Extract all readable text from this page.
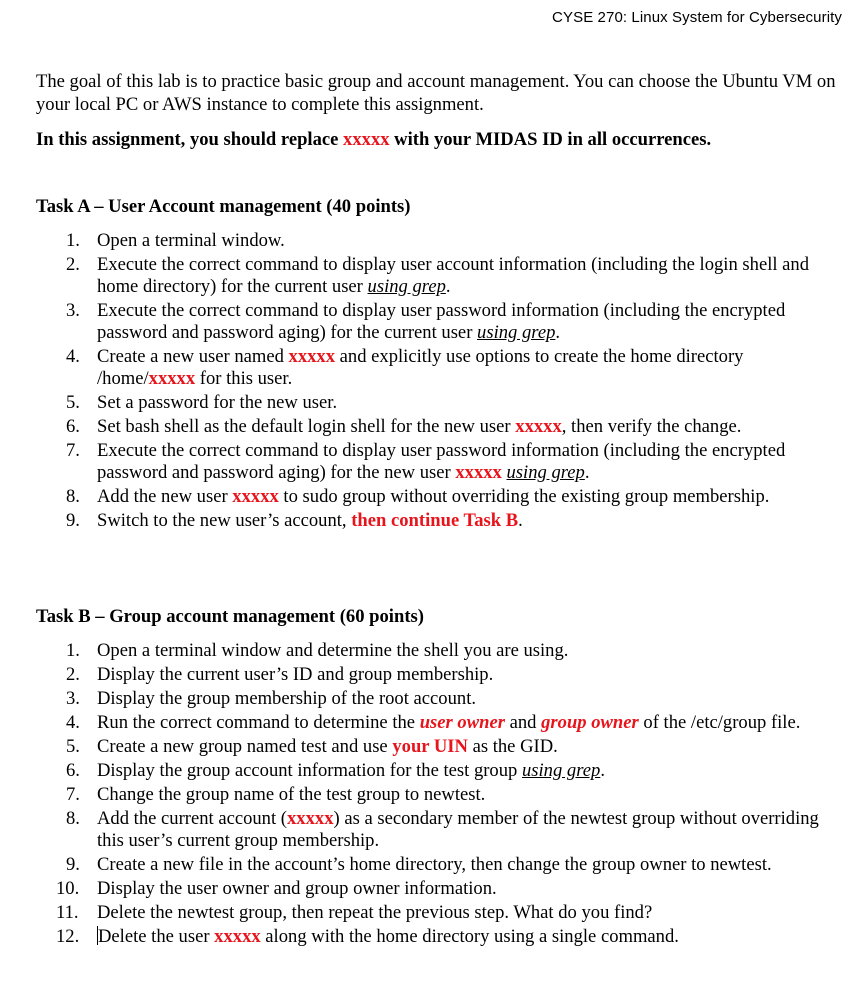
CYSE 270: Linux System for Cybersecurity

The goal of this lab is to practice basic group and account management. You can choose the Ubuntu VM on your local PC or AWS instance to complete this assignment.

In this assignment, you should replace xxxxx with your MIDAS ID in all occurrences.

Task A – User Account management (40 points)
1. Open a terminal window.
2. Execute the correct command to display user account information (including the login shell and home directory) for the current user using grep.
3. Execute the correct command to display user password information (including the encrypted password and password aging) for the current user using grep.
4. Create a new user named xxxxx and explicitly use options to create the home directory /home/xxxxx for this user.
5. Set a password for the new user.
6. Set bash shell as the default login shell for the new user xxxxx, then verify the change.
7. Execute the correct command to display user password information (including the encrypted password and password aging) for the new user xxxxx using grep.
8. Add the new user xxxxx to sudo group without overriding the existing group membership.
9. Switch to the new user’s account, then continue Task B.
Task B – Group account management (60 points)
1. Open a terminal window and determine the shell you are using.
2. Display the current user’s ID and group membership.
3. Display the group membership of the root account.
4. Run the correct command to determine the user owner and group owner of the /etc/group file.
5. Create a new group named test and use your UIN as the GID.
6. Display the group account information for the test group using grep.
7. Change the group name of the test group to newtest.
8. Add the current account (xxxxx) as a secondary member of the newtest group without overriding this user’s current group membership.
9. Create a new file in the account’s home directory, then change the group owner to newtest.
10. Display the user owner and group owner information.
11. Delete the newtest group, then repeat the previous step. What do you find?
12. Delete the user xxxxx along with the home directory using a single command.
